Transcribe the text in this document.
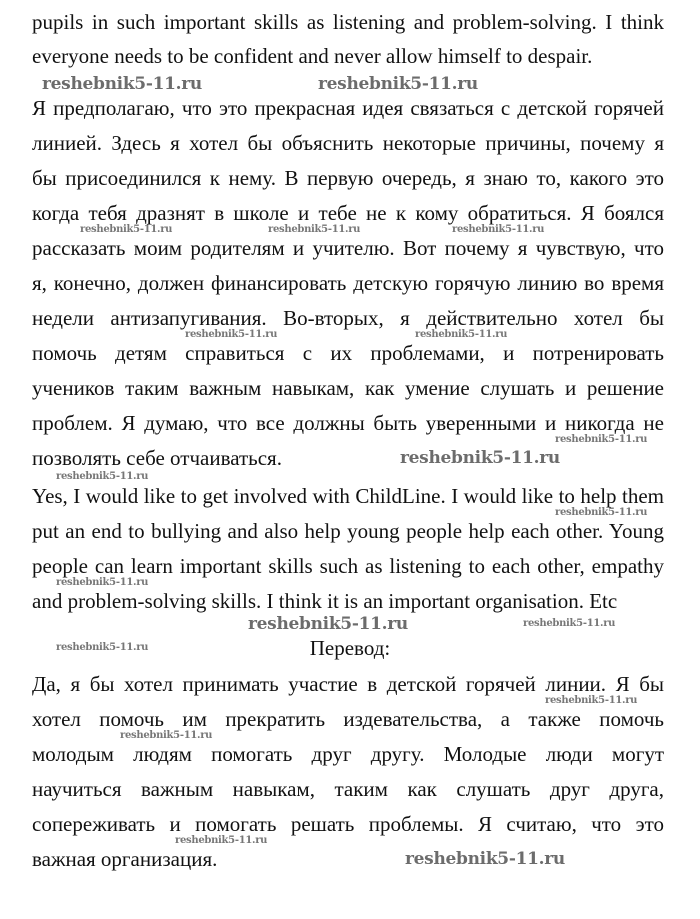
pupils in such important skills as listening and problem-solving. I think
everyone needs to be confident and never allow himself to despair.
Я предполагаю, что это прекрасная идея связаться с детской горячей
линией. Здесь я хотел бы объяснить некоторые причины, почему я
бы присоединился к нему. В первую очередь, я знаю то, какого это
когда тебя дразнят в школе и тебе не к кому обратиться. Я боялся
рассказать моим родителям и учителю. Вот почему я чувствую, что
я, конечно, должен финансировать детскую горячую линию во время
недели антизапугивания. Во-вторых, я действительно хотел бы
помочь детям справиться с их проблемами, и потренировать
учеников таким важным навыкам, как умение слушать и решение
проблем. Я думаю, что все должны быть уверенными и никогда не
позволять себе отчаиваться.
Yes, I would like to get involved with ChildLine. I would like to help them
put an end to bullying and also help young people help each other. Young
people can learn important skills such as listening to each other, empathy
and problem-solving skills. I think it is an important organisation. Etc
Перевод:
Да, я бы хотел принимать участие в детской горячей линии. Я бы
хотел помочь им прекратить издевательства, а также помочь
молодым людям помогать друг другу. Молодые люди могут
научиться важным навыкам, таким как слушать друг друга,
сопереживать и помогать решать проблемы. Я считаю, что это
важная организация.
reshebnik5-11.ru	reshebnik5-11.ru
reshebnik5-11.ru	reshebnik5-11.ru	reshebnik5-11.ru
reshebnik5-11.ru	reshebnik5-11.ru
reshebnik5-11.ru
reshebnik5-11.ru
reshebnik5-11.ru
reshebnik5-11.ru
reshebnik5-11.ru
reshebnik5-11.ru	reshebnik5-11.ru
reshebnik5-11.ru
reshebnik5-11.ru
reshebnik5-11.ru
reshebnik5-11.ru
reshebnik5-11.ru
